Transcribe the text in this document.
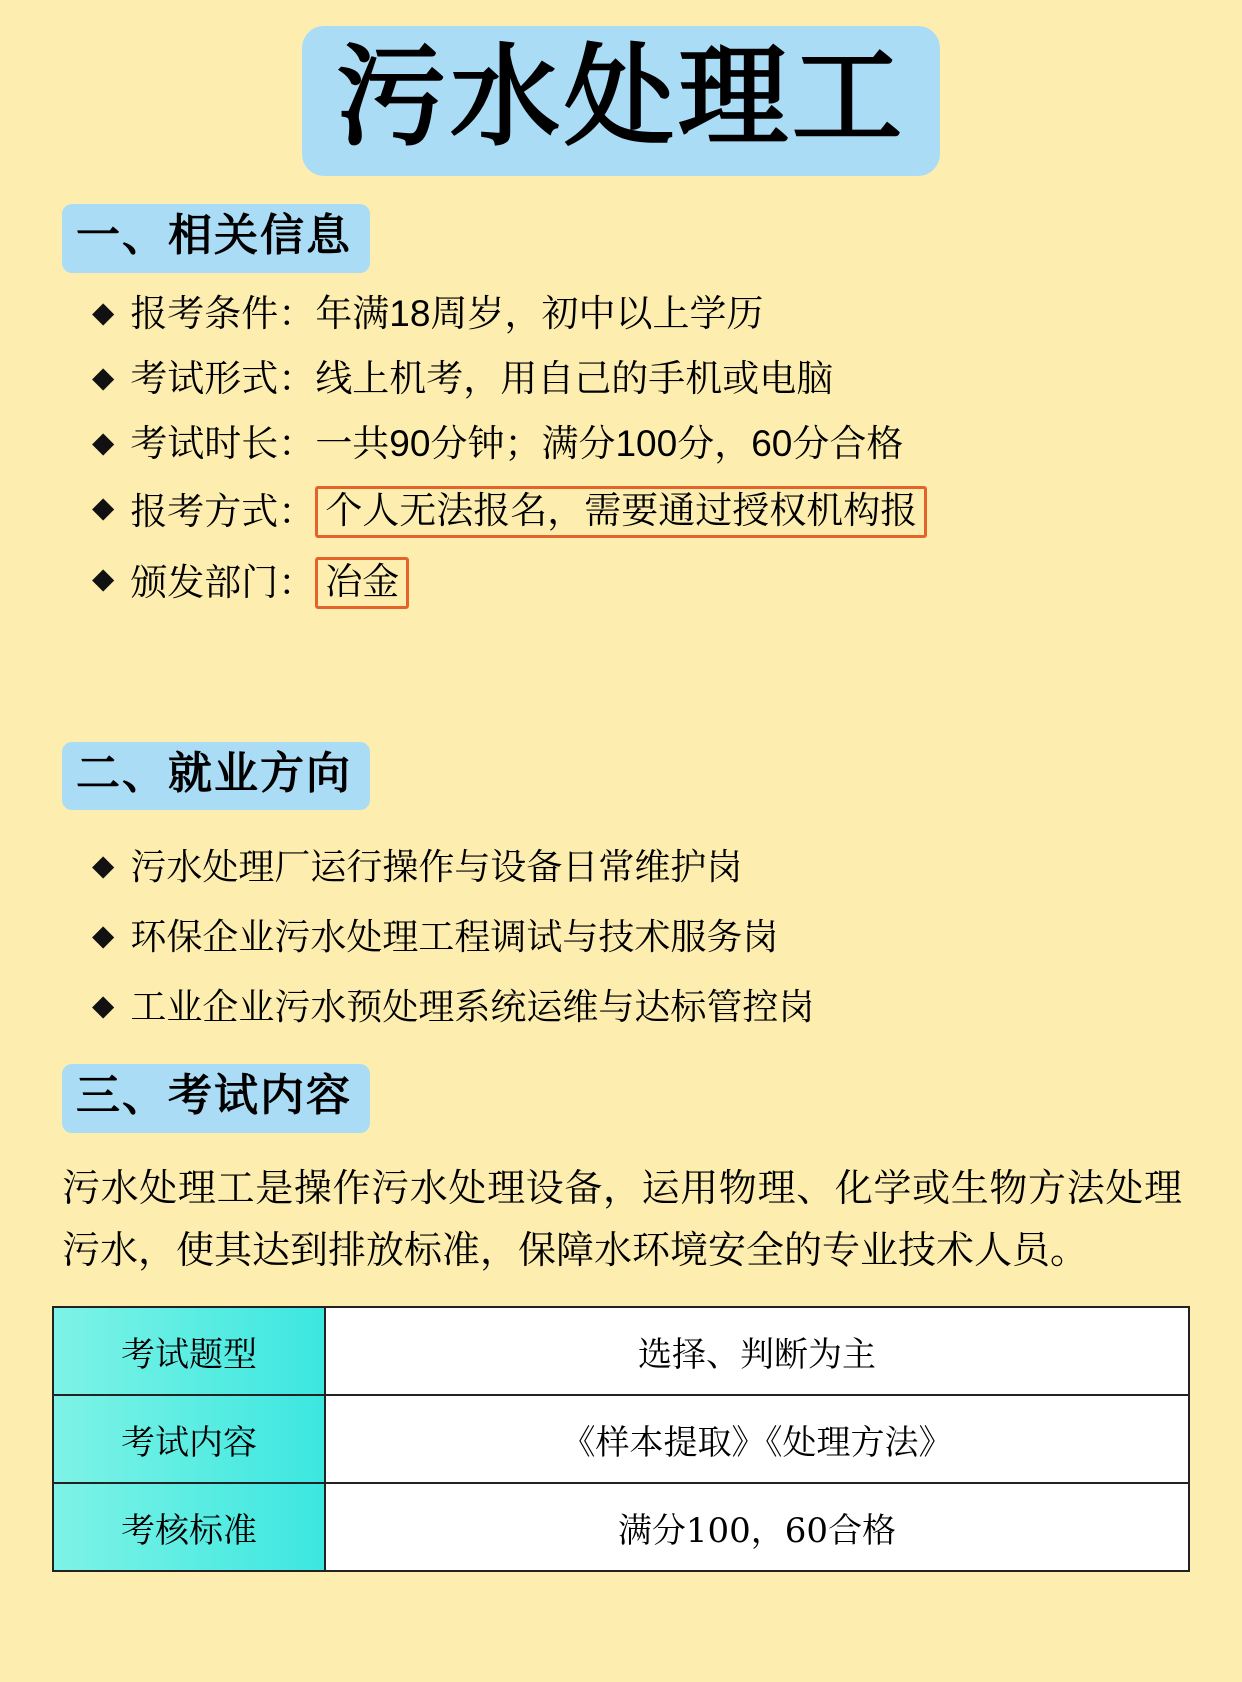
污水处理工
一、相关信息
◆ 报考条件： 年满18周岁，初中以上学历
◆ 考试形式： 线上机考，用自己的手机或电脑
◆ 考试时长： 一共90分钟；满分100分，60分合格
◆ 报考方式： 个人无法报名，需要通过授权机构报
◆ 颁发部门： 冶金
二、就业方向
◆ 污水处理厂运行操作与设备日常维护岗
◆ 环保企业污水处理工程调试与技术服务岗
◆ 工业企业污水预处理系统运维与达标管控岗
三、考试内容

污水处理工是操作污水处理设备，运用物理、化学或生物方法处理污水，使其达到排放标准，保障水环境安全的专业技术人员。

考试题型	选择、判断为主
考试内容	《样本提取》《处理方法》
考核标准	满分100，60合格
